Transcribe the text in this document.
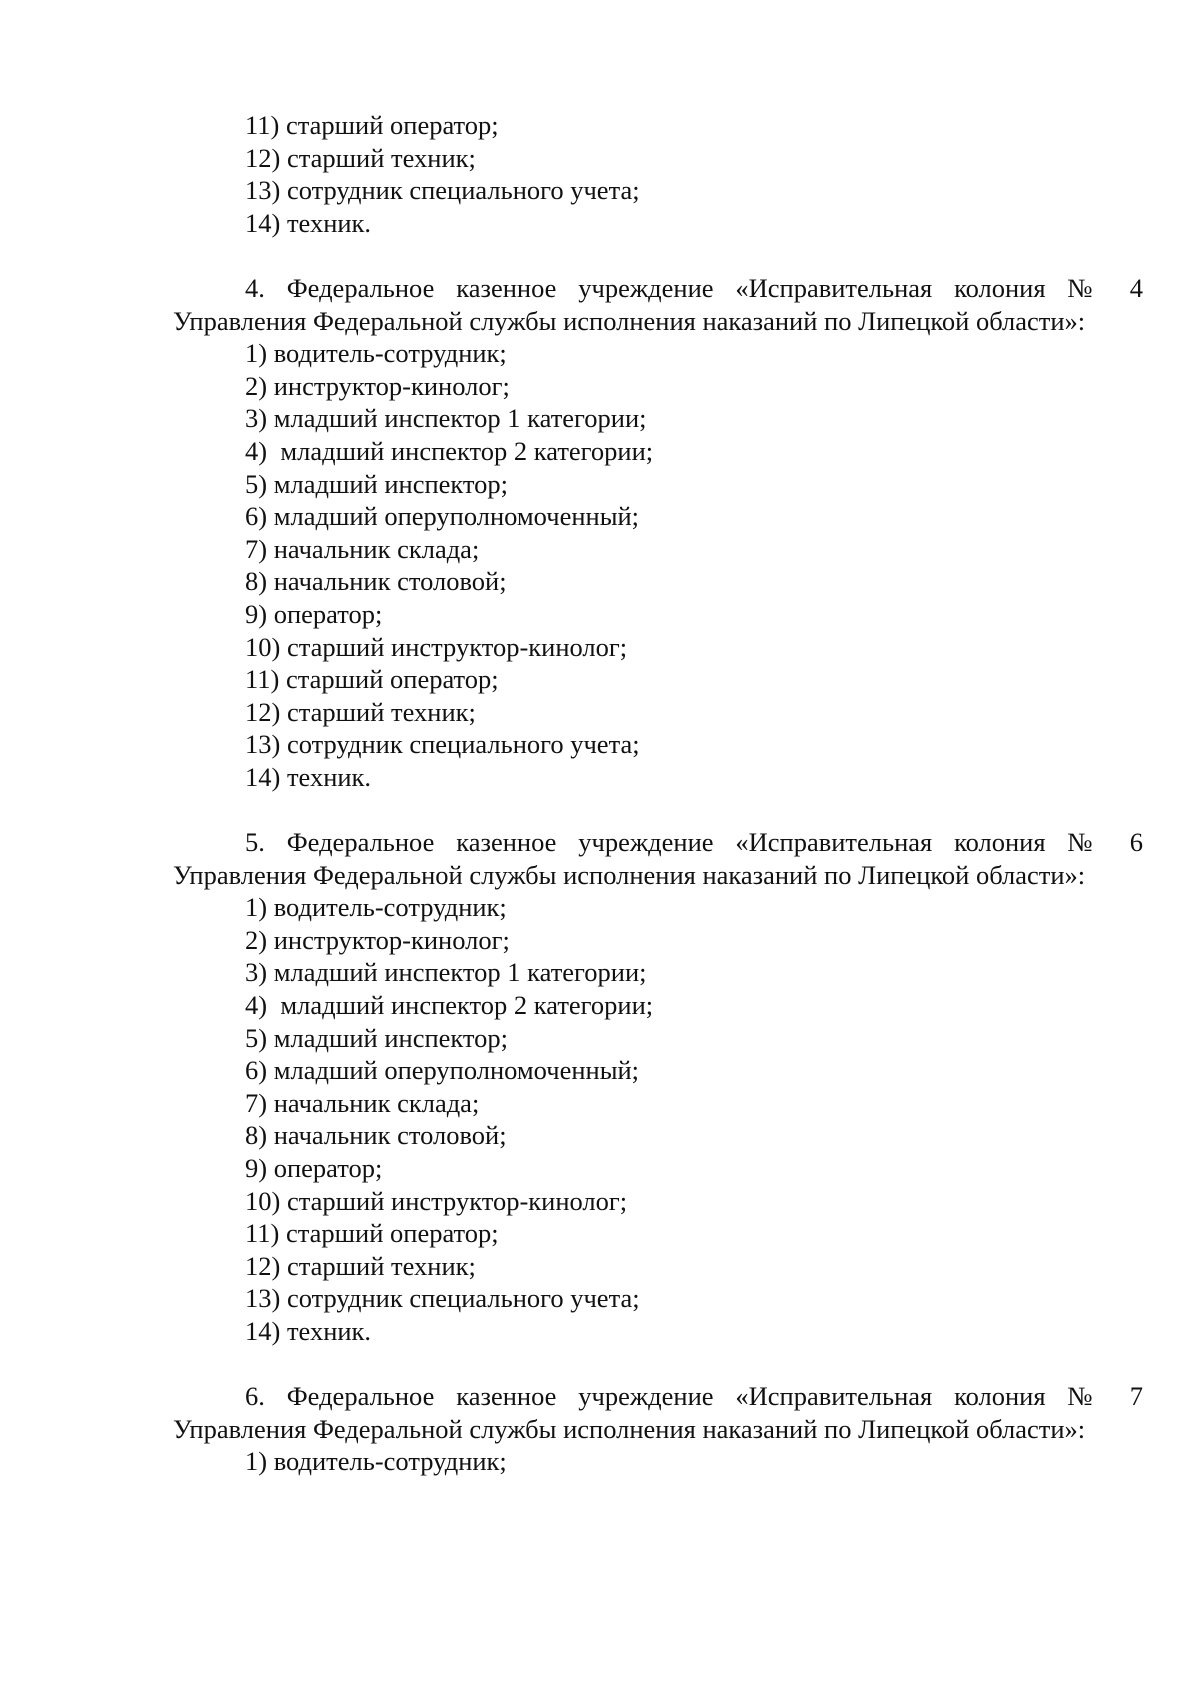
11) старший оператор;
12) старший техник;
13) сотрудник специального учета;
14) техник.
4. Федеральное казенное учреждение «Исправительная колония № 4 Управления Федеральной службы исполнения наказаний по Липецкой области»:
1) водитель-сотрудник;
2) инструктор-кинолог;
3) младший инспектор 1 категории;
4)  младший инспектор 2 категории;
5) младший инспектор;
6) младший оперуполномоченный;
7) начальник склада;
8) начальник столовой;
9) оператор;
10) старший инструктор-кинолог;
11) старший оператор;
12) старший техник;
13) сотрудник специального учета;
14) техник.
5. Федеральное казенное учреждение «Исправительная колония № 6 Управления Федеральной службы исполнения наказаний по Липецкой области»:
1) водитель-сотрудник;
2) инструктор-кинолог;
3) младший инспектор 1 категории;
4)  младший инспектор 2 категории;
5) младший инспектор;
6) младший оперуполномоченный;
7) начальник склада;
8) начальник столовой;
9) оператор;
10) старший инструктор-кинолог;
11) старший оператор;
12) старший техник;
13) сотрудник специального учета;
14) техник.
6. Федеральное казенное учреждение «Исправительная колония № 7 Управления Федеральной службы исполнения наказаний по Липецкой области»:
1) водитель-сотрудник;
